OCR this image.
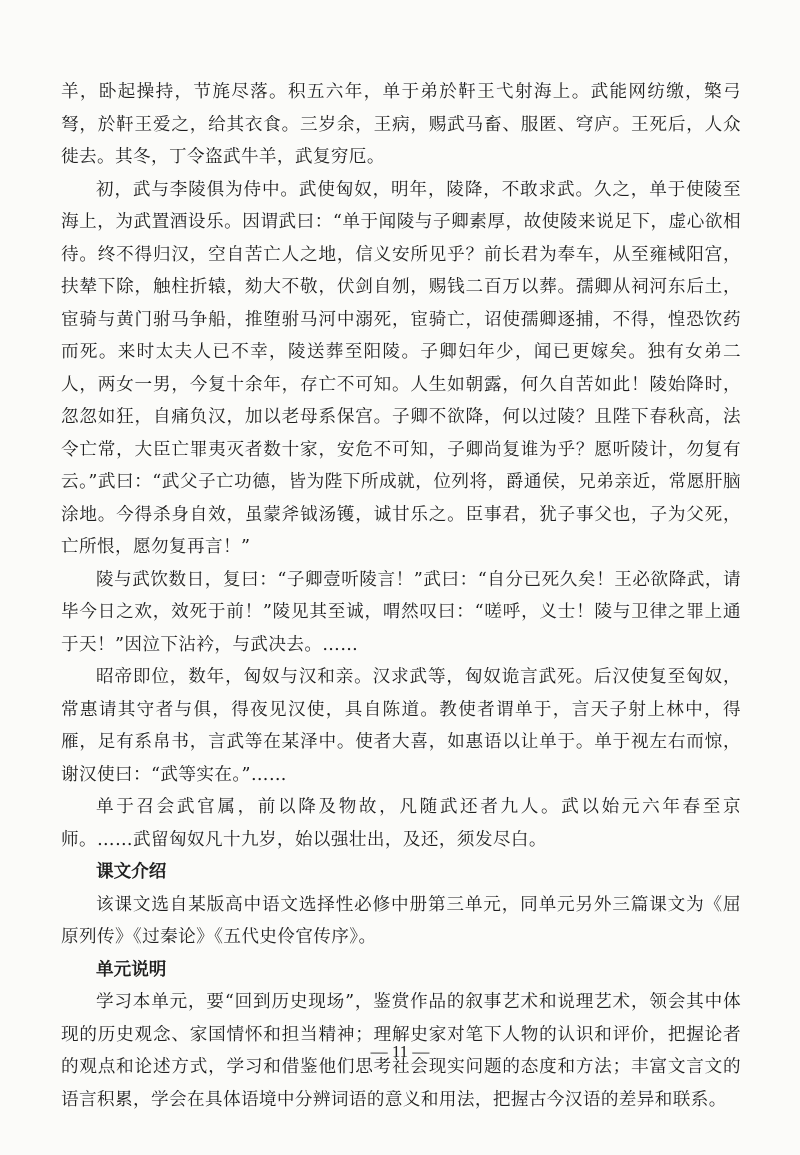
羊，卧起操持，节旄尽落。积五六年，单于弟於靬王弋射海上。武能网纺缴，檠弓弩，於靬王爱之，给其衣食。三岁余，王病，赐武马畜、服匿、穹庐。王死后，人众徙去。其冬，丁令盗武牛羊，武复穷厄。

初，武与李陵俱为侍中。武使匈奴，明年，陵降，不敢求武。久之，单于使陵至海上，为武置酒设乐。因谓武曰：“单于闻陵与子卿素厚，故使陵来说足下，虚心欲相待。终不得归汉，空自苦亡人之地，信义安所见乎？前长君为奉车，从至雍棫阳宫，扶辇下除，触柱折辕，劾大不敬，伏剑自刎，赐钱二百万以葬。孺卿从祠河东后土，宦骑与黄门驸马争船，推堕驸马河中溺死，宦骑亡，诏使孺卿逐捕，不得，惶恐饮药而死。来时太夫人已不幸，陵送葬至阳陵。子卿妇年少，闻已更嫁矣。独有女弟二人，两女一男，今复十余年，存亡不可知。人生如朝露，何久自苦如此！陵始降时，忽忽如狂，自痛负汉，加以老母系保宫。子卿不欲降，何以过陵？且陛下春秋高，法令亡常，大臣亡罪夷灭者数十家，安危不可知，子卿尚复谁为乎？愿听陵计，勿复有云。”武曰：“武父子亡功德，皆为陛下所成就，位列将，爵通侯，兄弟亲近，常愿肝脑涂地。今得杀身自效，虽蒙斧钺汤镬，诚甘乐之。臣事君，犹子事父也，子为父死，亡所恨，愿勿复再言！”

陵与武饮数日，复曰：“子卿壹听陵言！”武曰：“自分已死久矣！王必欲降武，请毕今日之欢，效死于前！”陵见其至诚，喟然叹曰：“嗟呼，义士！陵与卫律之罪上通于天！”因泣下沾衿，与武决去。……

昭帝即位，数年，匈奴与汉和亲。汉求武等，匈奴诡言武死。后汉使复至匈奴，常惠请其守者与俱，得夜见汉使，具自陈道。教使者谓单于，言天子射上林中，得雁，足有系帛书，言武等在某泽中。使者大喜，如惠语以让单于。单于视左右而惊，谢汉使曰：“武等实在。”……

单于召会武官属，前以降及物故，凡随武还者九人。武以始元六年春至京师。……武留匈奴凡十九岁，始以强壮出，及还，须发尽白。

课文介绍

该课文选自某版高中语文选择性必修中册第三单元，同单元另外三篇课文为《屈原列传》《过秦论》《五代史伶官传序》。

单元说明

学习本单元，要“回到历史现场”，鉴赏作品的叙事艺术和说理艺术，领会其中体现的历史观念、家国情怀和担当精神；理解史家对笔下人物的认识和评价，把握论者的观点和论述方式，学习和借鉴他们思考社会现实问题的态度和方法；丰富文言文的语言积累，学会在具体语境中分辨词语的意义和用法，把握古今汉语的差异和联系。

— 11 —
